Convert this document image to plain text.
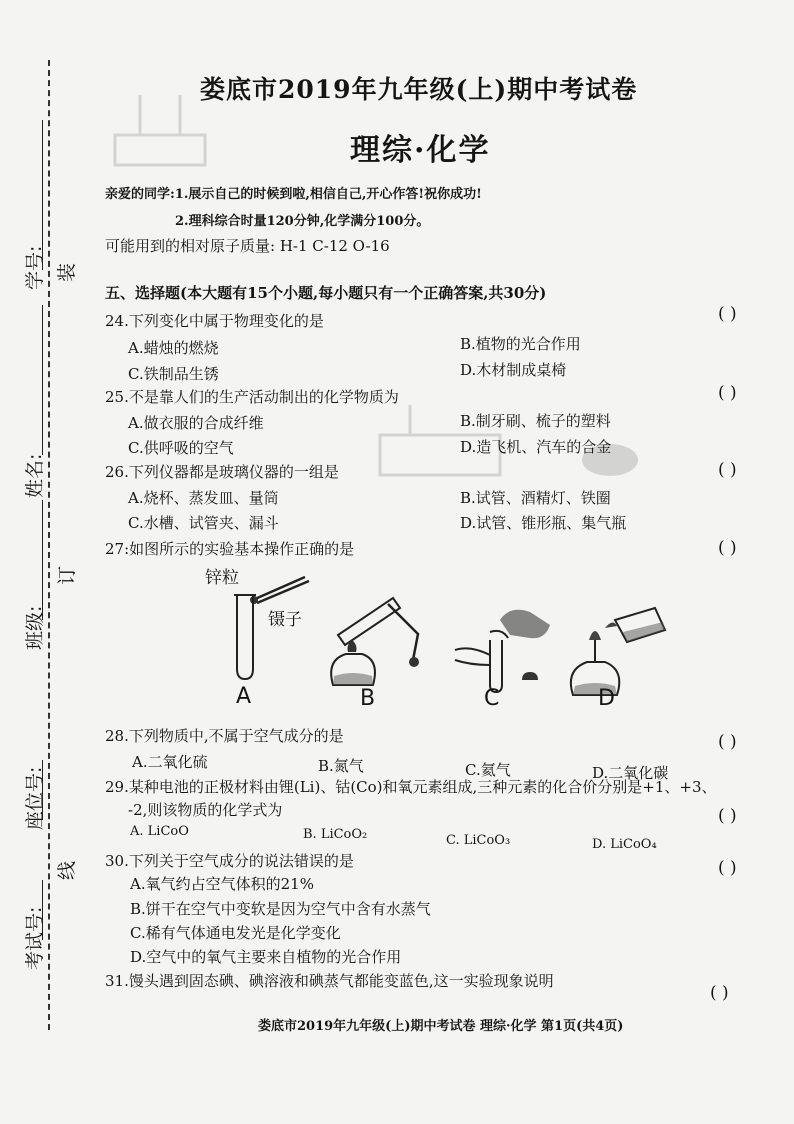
学号: 装
姓名:
订
班级:
座位号:
线
考试号:
娄底市2019年九年级(上)期中考试卷
理综·化学
亲爱的同学:1.展示自己的时候到啦,相信自己,开心作答!祝你成功!
2.理科综合时量120分钟,化学满分100分。
可能用到的相对原子质量: H-1 C-12 O-16
五、选择题(本大题有15个小题,每小题只有一个正确答案,共30分)
24.下列变化中属于物理变化的是	( )
A.蜡烛的燃烧	B.植物的光合作用
C.铁制品生锈	D.木材制成桌椅
25.不是靠人们的生产活动制出的化学物质为	( )
A.做衣服的合成纤维	B.制牙刷、梳子的塑料
C.供呼吸的空气	D.造飞机、汽车的合金
26.下列仪器都是玻璃仪器的一组是	( )
A.烧杯、蒸发皿、量筒	B.试管、酒精灯、铁圈
C.水槽、试管夹、漏斗	D.试管、锥形瓶、集气瓶
27:如图所示的实验基本操作正确的是	( )
锌粒
镊子
A	B	C	D
28.下列物质中,不属于空气成分的是	( )
A.二氧化硫	B.氮气	C.氦气	D.二氧化碳
29.某种电池的正极材料由锂(Li)、钴(Co)和氧元素组成,三种元素的化合价分别是+1、+3、
-2,则该物质的化学式为	( )
A. LiCoO	B. LiCoO₂	C. LiCoO₃	D. LiCoO₄
30.下列关于空气成分的说法错误的是	( )
A.氧气约占空气体积的21%
B.饼干在空气中变软是因为空气中含有水蒸气
C.稀有气体通电发光是化学变化
D.空气中的氧气主要来自植物的光合作用
31.馒头遇到固态碘、碘溶液和碘蒸气都能变蓝色,这一实验现象说明
( )
娄底市2019年九年级(上)期中考试卷 理综·化学 第1页(共4页)
